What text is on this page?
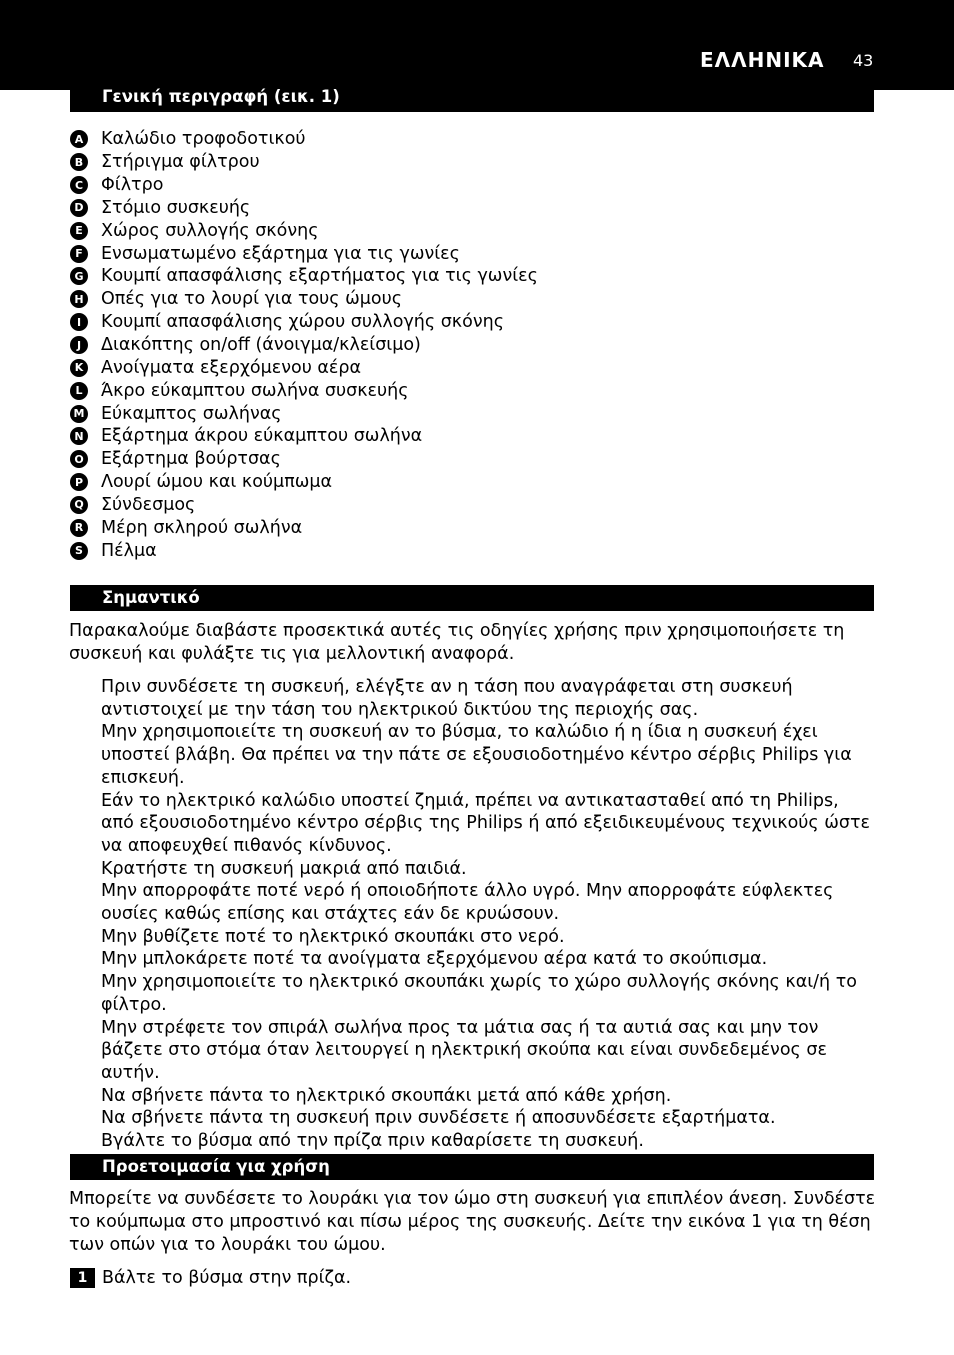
ΕΛΛΗΝΙΚΑ 43
Γενική περιγραφή (εικ. 1)
A Καλώδιο τροφοδοτικού
B Στήριγμα φίλτρου
C Φίλτρο
D Στόμιο συσκευής
E	Χώρος συλλογής σκόνης
F	Ενσωματωμένο εξάρτημα για τις γωνίες
G Κουμπί απασφάλισης εξαρτήματος για τις γωνίες
H Οπές για το λουρί για τους ώμους
I	Κουμπί απασφάλισης χώρου συλλογής σκόνης
J	Διακόπτης on/off (άνοιγμα/κλείσιμο)
K Ανοίγματα εξερχόμενου αέρα
L	Άκρο εύκαμπτου σωλήνα συσκευής
M Εύκαμπτος σωλήνας
N Εξάρτημα άκρου εύκαμπτου σωλήνα
O Εξάρτημα βούρτσας
P Λουρί ώμου και κούμπωμα
Q Σύνδεσμος
R Μέρη σκληρού σωλήνα
S Πέλμα
Σημαντικό

Παρακαλούμε διαβάστε προσεκτικά αυτές τις οδηγίες χρήσης πριν χρησιμοποιήσετε τη συσκευή και φυλάξτε τις για μελλοντική αναφορά.

Πριν συνδέσετε τη συσκευή, ελέγξτε αν η τάση που αναγράφεται στη συσκευή αντιστοιχεί με την τάση του ηλεκτρικού δικτύου της περιοχής σας.
Μην χρησιμοποιείτε τη συσκευή αν το βύσμα, το καλώδιο ή η ίδια η συσκευή έχει υποστεί βλάβη. Θα πρέπει να την πάτε σε εξουσιοδοτημένο κέντρο σέρβις Philips για επισκευή.
Εάν το ηλεκτρικό καλώδιο υποστεί ζημιά, πρέπει να αντικατασταθεί από τη Philips, από εξουσιοδοτημένο κέντρο σέρβις της Philips ή από εξειδικευμένους τεχνικούς ώστε να αποφευχθεί πιθανός κίνδυνος.
Κρατήστε τη συσκευή μακριά από παιδιά.
Μην απορροφάτε ποτέ νερό ή οποιοδήποτε άλλο υγρό. Μην απορροφάτε εύφλεκτες ουσίες καθώς επίσης και στάχτες εάν δε κρυώσουν.
Μην βυθίζετε ποτέ το ηλεκτρικό σκουπάκι στο νερό.
Μην μπλοκάρετε ποτέ τα ανοίγματα εξερχόμενου αέρα κατά το σκούπισμα.
Μην χρησιμοποιείτε το ηλεκτρικό σκουπάκι χωρίς το χώρο συλλογής σκόνης και/ή το φίλτρο.
Μην στρέφετε τον σπιράλ σωλήνα προς τα μάτια σας ή τα αυτιά σας και μην τον βάζετε στο στόμα όταν λειτουργεί η ηλεκτρική σκούπα και είναι συνδεδεμένος σε αυτήν.
Να σβήνετε πάντα το ηλεκτρικό σκουπάκι μετά από κάθε χρήση.
Να σβήνετε πάντα τη συσκευή πριν συνδέσετε ή αποσυνδέσετε εξαρτήματα.
Βγάλτε το βύσμα από την πρίζα πριν καθαρίσετε τη συσκευή.
Προετοιμασία για χρήση

Μπορείτε να συνδέσετε το λουράκι για τον ώμο στη συσκευή για επιπλέον άνεση. Συνδέστε το κούμπωμα στο μπροστινό και πίσω μέρος της συσκευής. Δείτε την εικόνα 1 για τη θέση των οπών για το λουράκι του ώμου.

1 Βάλτε το βύσμα στην πρίζα.
